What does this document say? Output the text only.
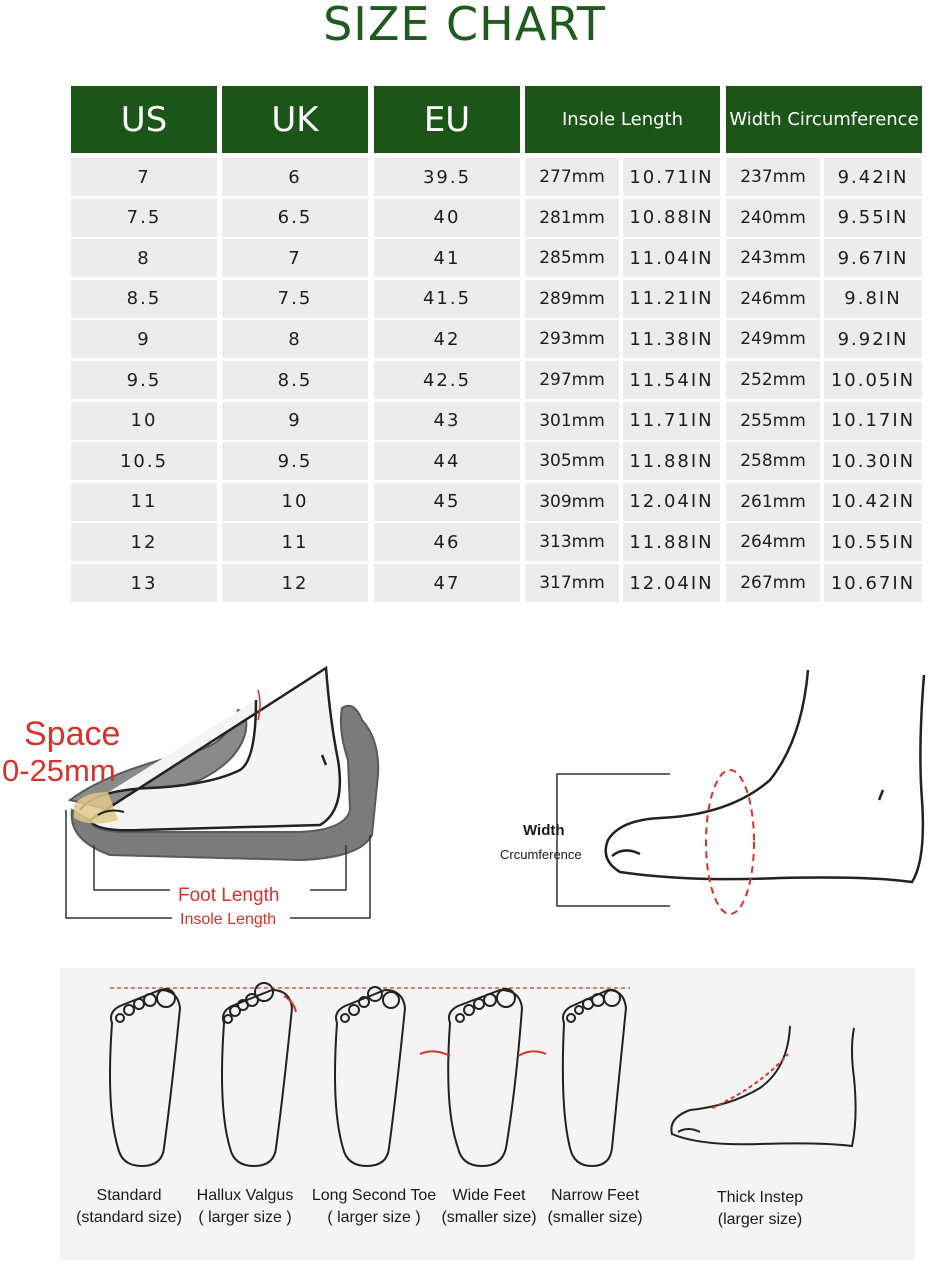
SIZE CHART
US	UK	EU	Insole Length	Width Circumference
7	6	39.5	277mm	10.71IN	237mm	9.42IN
7.5	6.5	40	281mm	10.88IN	240mm	9.55IN
8	7	41	285mm	11.04IN	243mm	9.67IN
8.5	7.5	41.5	289mm	11.21IN	246mm	9.8IN
9	8	42	293mm	11.38IN	249mm	9.92IN
9.5	8.5	42.5	297mm	11.54IN	252mm	10.05IN
10	9	43	301mm	11.71IN	255mm	10.17IN
10.5	9.5	44	305mm	11.88IN	258mm	10.30IN
11	10	45	309mm	12.04IN	261mm	10.42IN
12	11	46	313mm	11.88IN	264mm	10.55IN
13	12	47	317mm	12.04IN	267mm	10.67IN
Space
0-25mm
Foot Length
Insole Length
Width
Crcumference
Standard
(standard size)
Hallux Valgus
( larger size )
Long Second Toe
( larger size )
Wide Feet
(smaller size)
Narrow Feet
(smaller size)
Thick Instep
(larger size)
